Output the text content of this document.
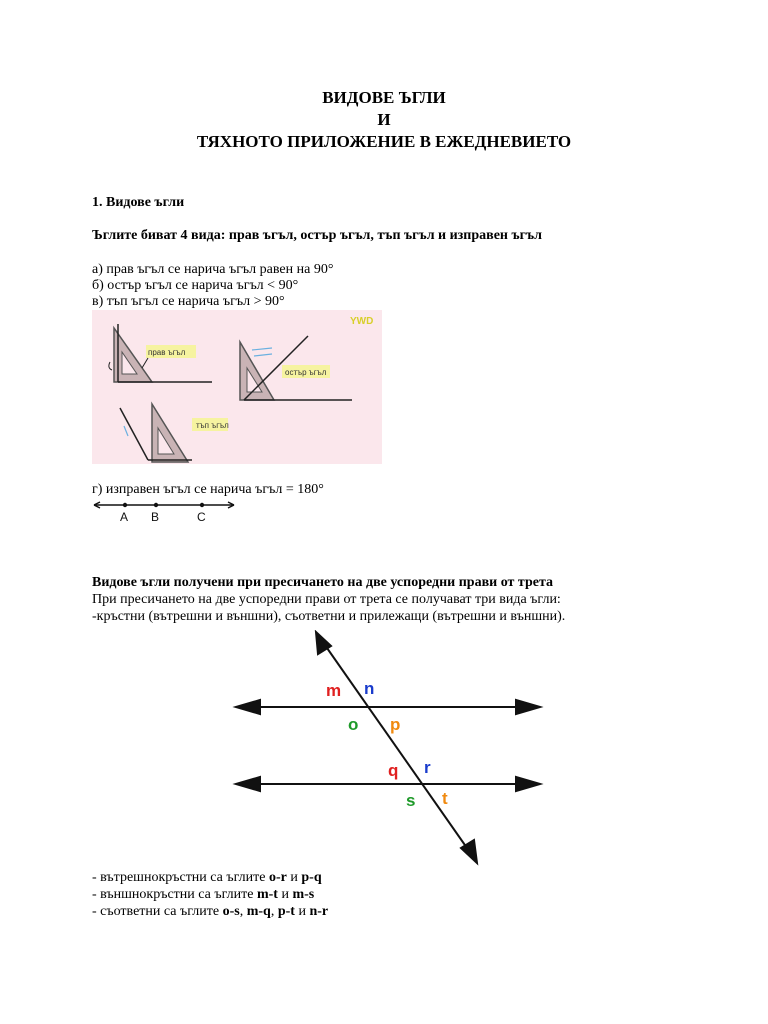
ВИДОВЕ ЪГЛИ
И
ТЯХНОТО ПРИЛОЖЕНИЕ В ЕЖЕДНЕВИЕТО
1. Видове ъгли
Ъглите биват 4 вида: прав ъгъл, остър ъгъл, тъп ъгъл и изправен ъгъл
а) прав ъгъл се нарича ъгъл равен на 90°
б) остър ъгъл се нарича ъгъл < 90°
в) тъп ъгъл се нарича ъгъл > 90°
YWD
прав ъгъл
остър ъгъл
тъп ъгъл
г) изправен ъгъл се нарича ъгъл = 180°
A B	C
Видове ъгли получени при пресичането на две успоредни прави от трета
При пресичането на две успоредни прави от трета се получават три вида ъгли:
-кръстни (вътрешни и външни), съответни и прилежащи (вътрешни и външни).
m n
o p
q r
s t
- вътрешнокръстни са ъглите o-r и p-q
- външнокръстни са ъглите m-t и m-s
- съответни са ъглите o-s, m-q, p-t и n-r
